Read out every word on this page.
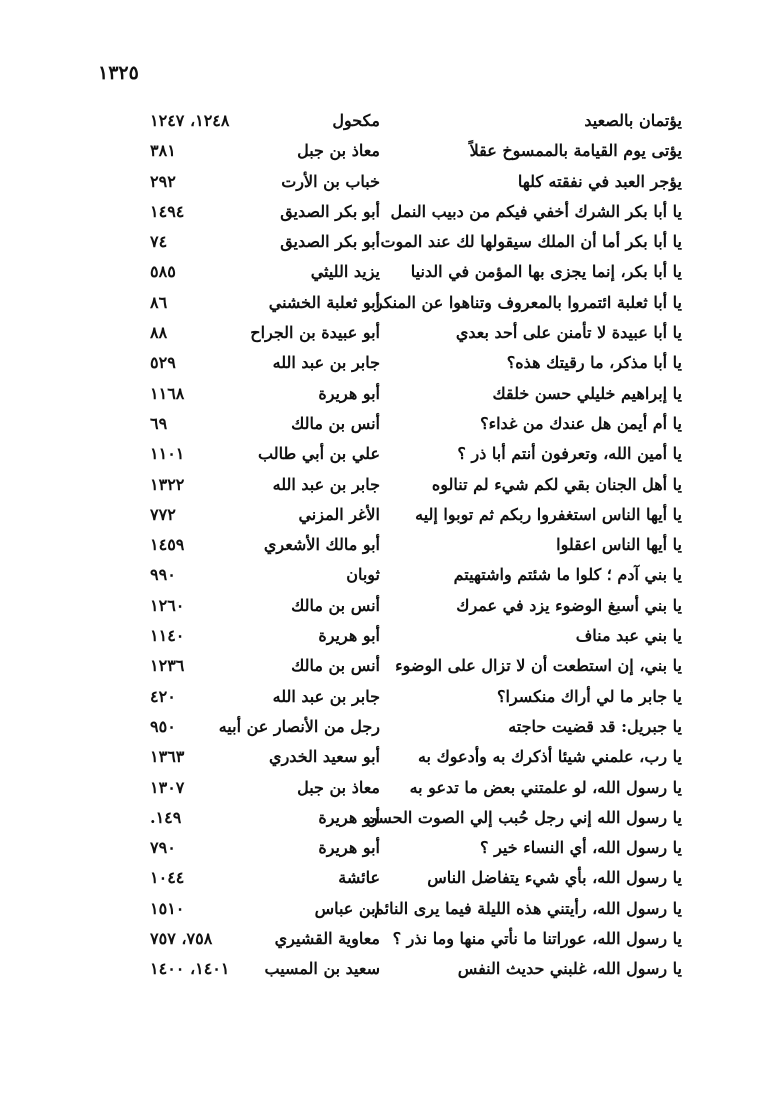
١٣٢٥
يؤتمان بالصعيد
مكحول
١٢٤٨، ١٢٤٧
يؤتى يوم القيامة بالممسوخ عقلاً
معاذ بن جبل
٣٨١
يؤجر العبد في نفقته كلها
خباب بن الأرت
٢٩٢
يا أبا بكر الشرك أخفي فيكم من دبيب النمل
أبو بكر الصديق
١٤٩٤
يا أبا بكر أما أن الملك سيقولها لك عند الموت
أبو بكر الصديق
٧٤
يا أبا بكر، إنما يجزى بها المؤمن في الدنيا
يزيد الليثي
٥٨٥
يا أبا ثعلبة ائتمروا بالمعروف وتناهوا عن المنكر
أبو ثعلبة الخشني
٨٦
يا أبا عبيدة لا تأمنن على أحد بعدي
أبو عبيدة بن الجراح
٨٨
يا أبا مذكر، ما رقيتك هذه؟
جابر بن عبد الله
٥٢٩
يا إبراهيم خليلي حسن خلقك
أبو هريرة
١١٦٨
يا أم أيمن هل عندك من غداء؟
أنس بن مالك
٦٩
يا أمين الله، وتعرفون أنتم أبا ذر ؟
علي بن أبي طالب
١١٠١
يا أهل الجنان بقي لكم شيء لم تنالوه
جابر بن عبد الله
١٣٢٢
يا أيها الناس استغفروا ربكم ثم توبوا إليه
الأغر المزني
٧٧٢
يا أيها الناس اعقلوا
أبو مالك الأشعري
١٤٥٩
يا بني آدم ؛ كلوا ما شئتم واشتهيتم
ثوبان
٩٩٠
يا بني أسبغ الوضوء يزد في عمرك
أنس بن مالك
١٢٦٠
يا بني عبد مناف
أبو هريرة
١١٤٠
يا بني، إن استطعت أن لا تزال على الوضوء
أنس بن مالك
١٢٣٦
يا جابر ما لي أراك منكسرا؟
جابر بن عبد الله
٤٢٠
يا جبريل: قد قضيت حاجته
رجل من الأنصار عن أبيه
٩٥٠
يا رب، علمني شيئا أذكرك به وأدعوك به
أبو سعيد الخدري
١٣٦٣
يا رسول الله، لو علمتني بعض ما تدعو به
معاذ بن جبل
١٣٠٧
يا رسول الله إني رجل حُبب إلي الصوت الحسن
أبو هريرة
١٤٩.
يا رسول الله، أي النساء خير ؟
أبو هريرة
٧٩٠
يا رسول الله، بأي شيء يتفاضل الناس
عائشة
١٠٤٤
يا رسول الله، رأيتني هذه الليلة فيما يرى النائم
ابن عباس
١٥١٠
يا رسول الله، عوراتنا ما نأتي منها وما نذر ؟
معاوية القشيري
٧٥٨، ٧٥٧
يا رسول الله، غلبني حديث النفس
سعيد بن المسيب
١٤٠١، ١٤٠٠
